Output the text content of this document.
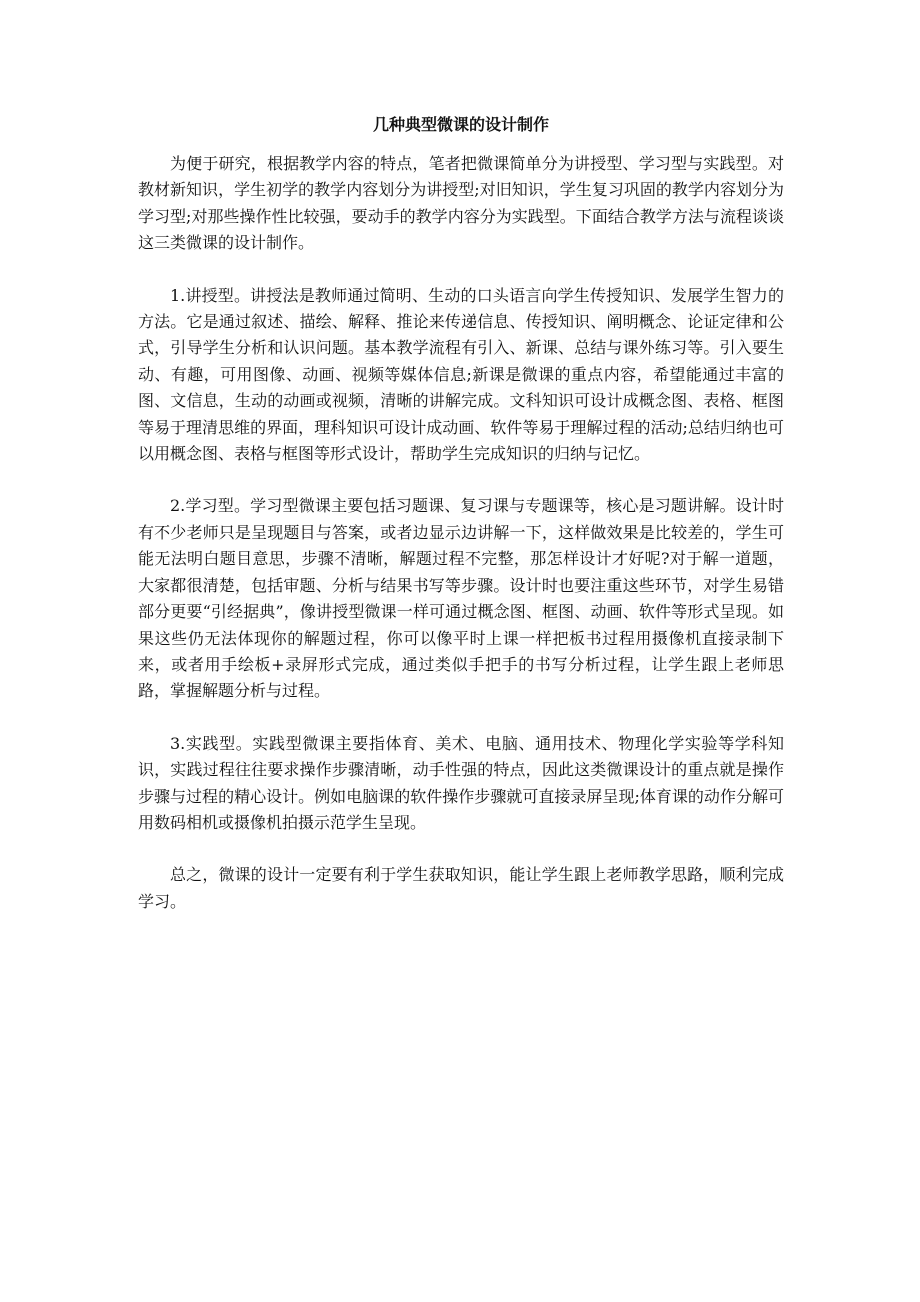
几种典型微课的设计制作

为便于研究，根据教学内容的特点，笔者把微课简单分为讲授型、学习型与实践型。对教材新知识，学生初学的教学内容划分为讲授型;对旧知识，学生复习巩固的教学内容划分为学习型;对那些操作性比较强，要动手的教学内容分为实践型。下面结合教学方法与流程谈谈这三类微课的设计制作。

1.讲授型。讲授法是教师通过简明、生动的口头语言向学生传授知识、发展学生智力的方法。它是通过叙述、描绘、解释、推论来传递信息、传授知识、阐明概念、论证定律和公式，引导学生分析和认识问题。基本教学流程有引入、新课、总结与课外练习等。引入要生动、有趣，可用图像、动画、视频等媒体信息;新课是微课的重点内容，希望能通过丰富的图、文信息，生动的动画或视频，清晰的讲解完成。文科知识可设计成概念图、表格、框图等易于理清思维的界面，理科知识可设计成动画、软件等易于理解过程的活动;总结归纳也可以用概念图、表格与框图等形式设计，帮助学生完成知识的归纳与记忆。

2.学习型。学习型微课主要包括习题课、复习课与专题课等，核心是习题讲解。设计时有不少老师只是呈现题目与答案，或者边显示边讲解一下，这样做效果是比较差的，学生可能无法明白题目意思，步骤不清晰，解题过程不完整，那怎样设计才好呢?对于解一道题，大家都很清楚，包括审题、分析与结果书写等步骤。设计时也要注重这些环节，对学生易错部分更要“引经据典”，像讲授型微课一样可通过概念图、框图、动画、软件等形式呈现。如果这些仍无法体现你的解题过程，你可以像平时上课一样把板书过程用摄像机直接录制下来，或者用手绘板+录屏形式完成，通过类似手把手的书写分析过程，让学生跟上老师思路，掌握解题分析与过程。

3.实践型。实践型微课主要指体育、美术、电脑、通用技术、物理化学实验等学科知识，实践过程往往要求操作步骤清晰，动手性强的特点，因此这类微课设计的重点就是操作步骤与过程的精心设计。例如电脑课的软件操作步骤就可直接录屏呈现;体育课的动作分解可用数码相机或摄像机拍摄示范学生呈现。

总之，微课的设计一定要有利于学生获取知识，能让学生跟上老师教学思路，顺利完成学习。
